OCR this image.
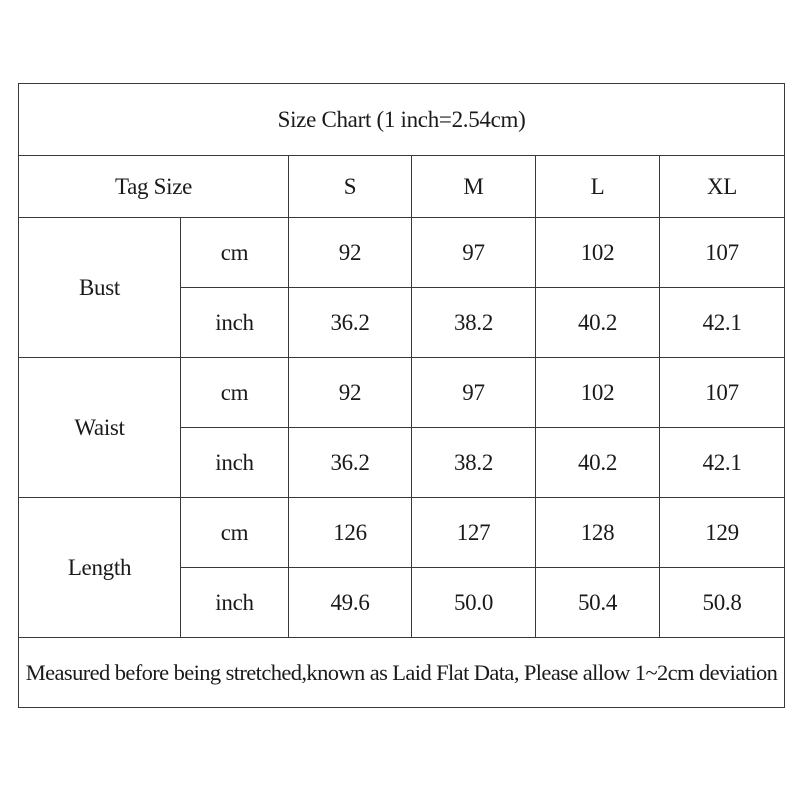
Size Chart (1 inch=2.54cm)					
Tag Size		S	M	L	XL
Bust	cm	92	97	102	107
	inch	36.2	38.2	40.2	42.1
Waist	cm	92	97	102	107
	inch	36.2	38.2	40.2	42.1
Length	cm	126	127	128	129
	inch	49.6	50.0	50.4	50.8
Measured before being stretched,known as Laid Flat Data, Please allow 1~2cm deviation					
